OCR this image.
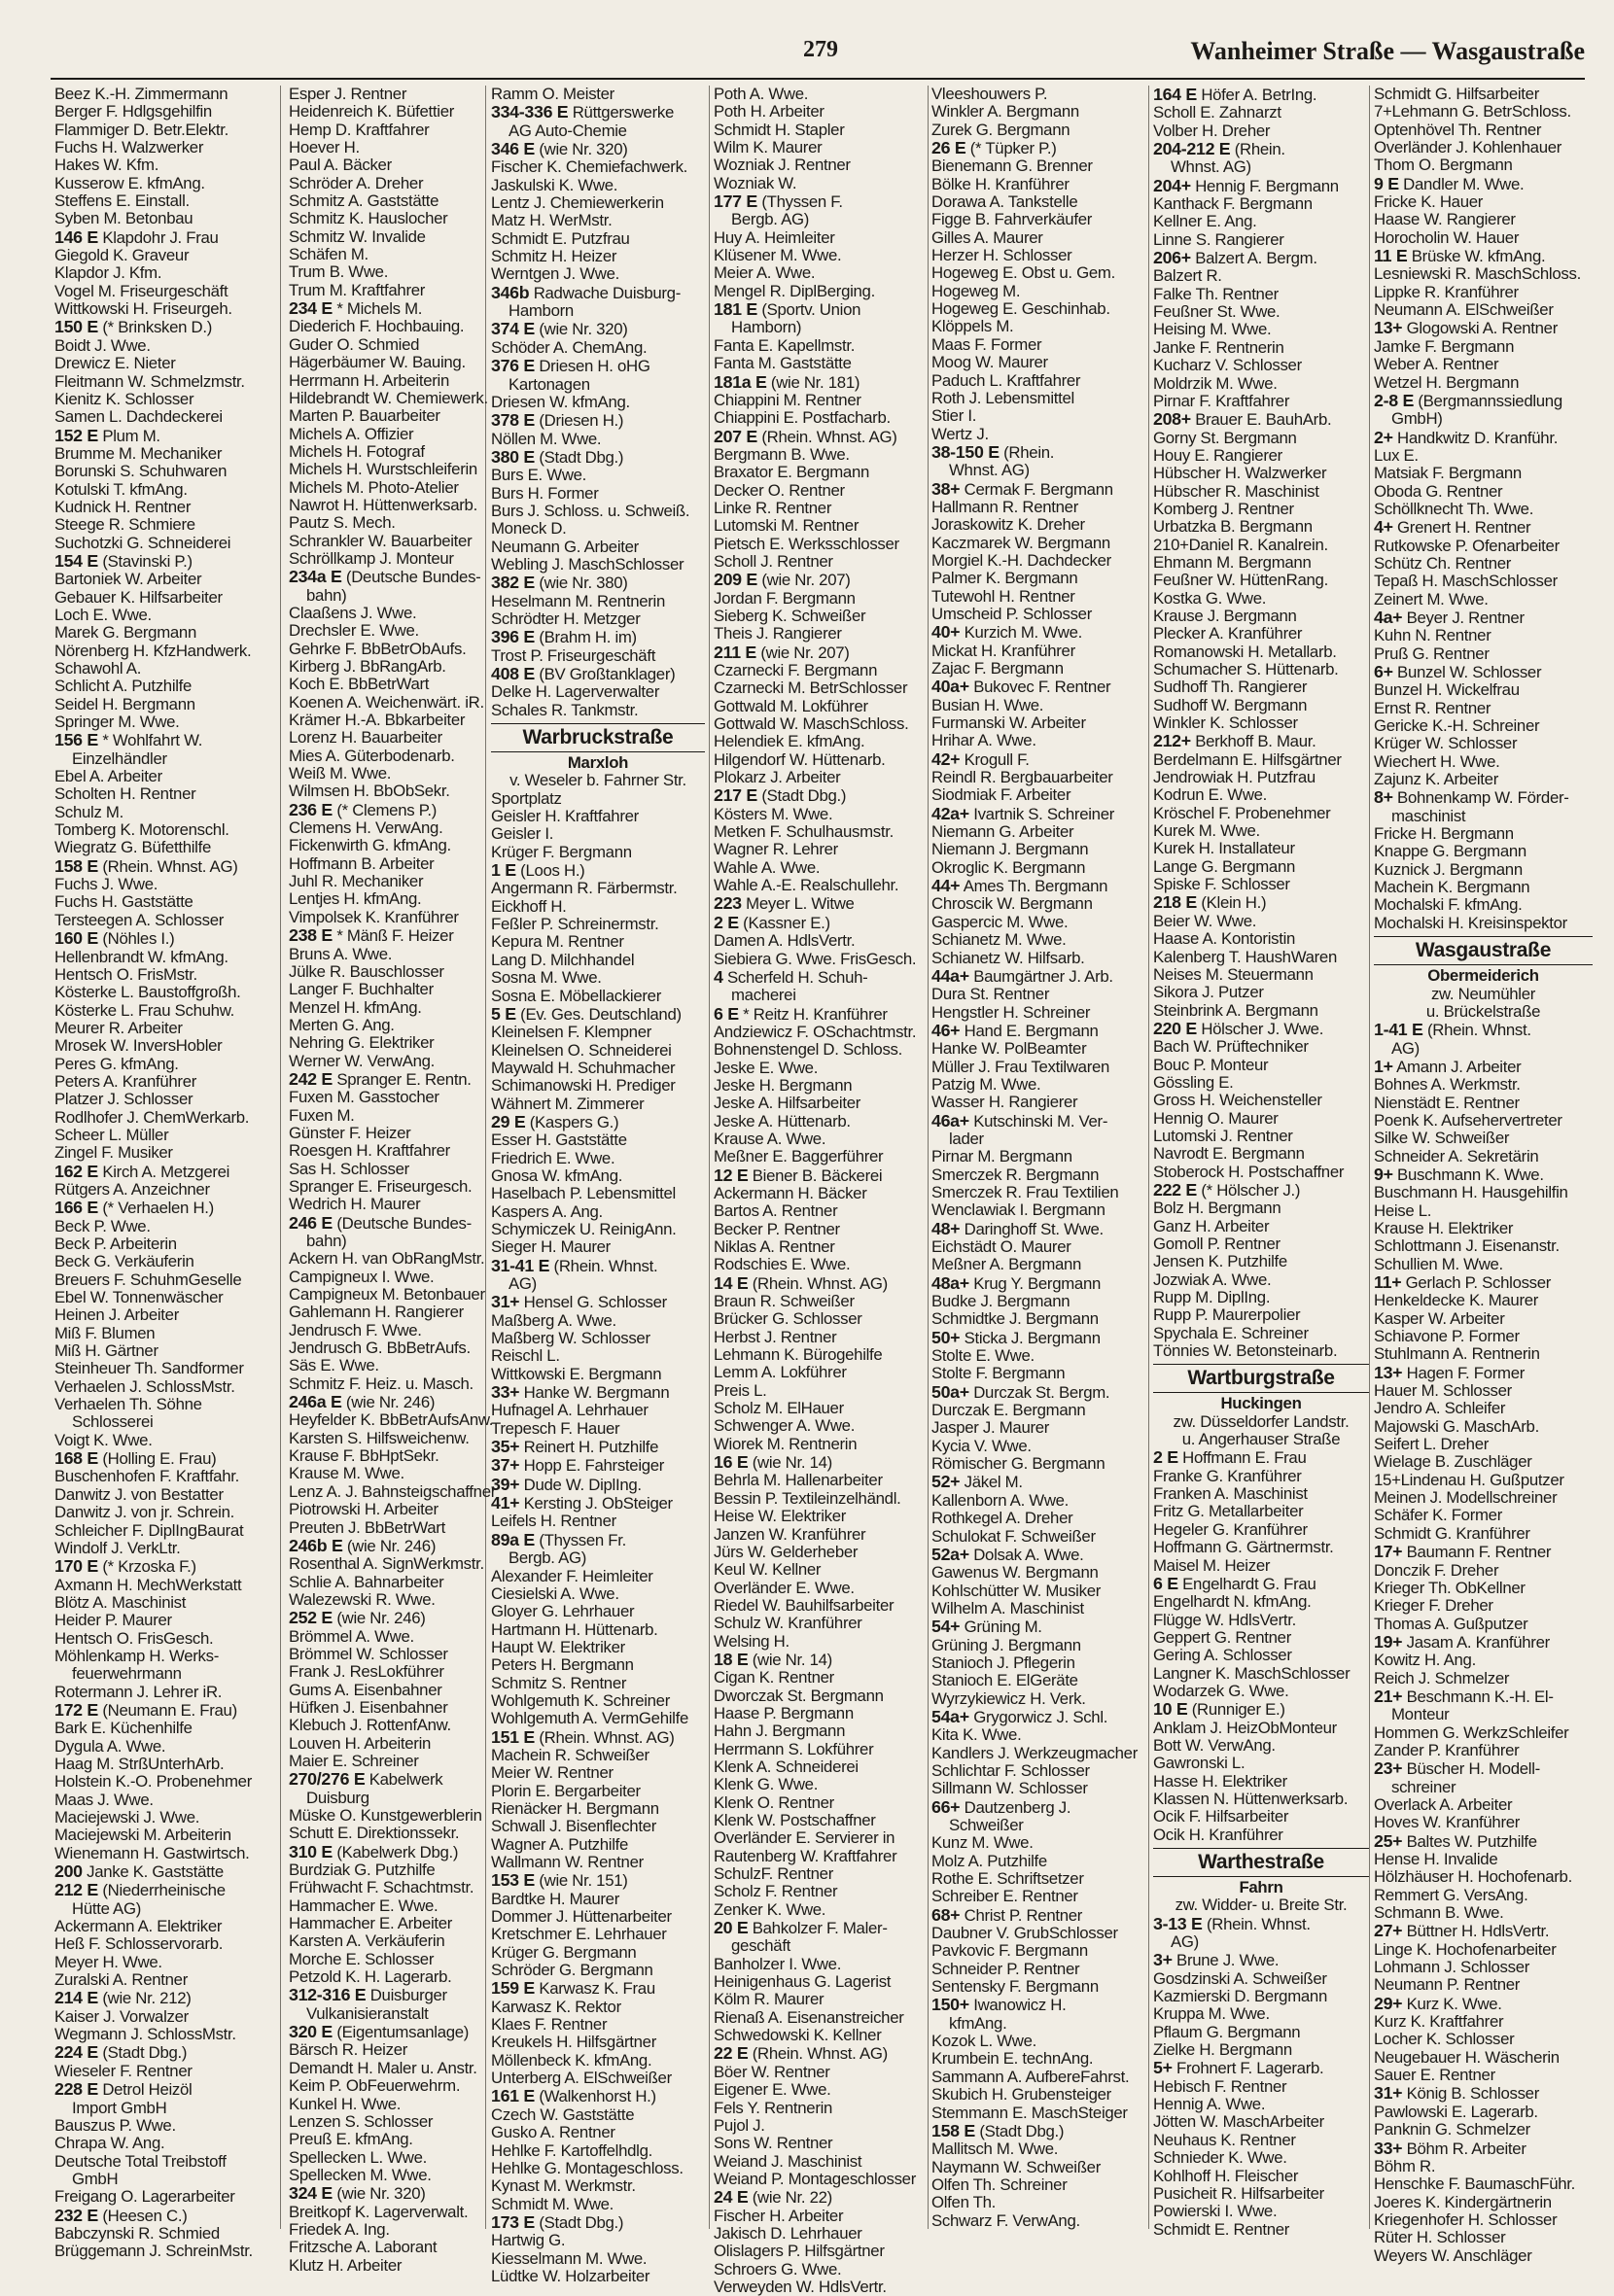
279	Wanheimer Straße — Wasgaustraße
Beez K.-H. Zimmermann
Berger F. Hdlgsgehilfin
Flammiger D. Betr.Elektr.
Fuchs H. Walzwerker
Hakes W. Kfm.
Kusserow E. kfmAng.
Steffens E. Einstall.
Syben M. Betonbau
146 E Klapdohr J. Frau
Giegold K. Graveur
Klapdor J. Kfm.
Vogel M. Friseurgeschäft
Wittkowski H. Friseurgeh.
150 E (* Brinksken D.)
Boidt J. Wwe.
Drewicz E. Nieter
Fleitmann W. Schmelzmstr.
Kienitz K. Schlosser
Samen L. Dachdeckerei
152 E Plum M.
Brumme M. Mechaniker
Borunski S. Schuhwaren
Kotulski T. kfmAng.
Kudnick H. Rentner
Steege R. Schmiere
Suchotzki G. Schneiderei
154 E (Stavinski P.)
Bartoniek W. Arbeiter
Gebauer K. Hilfsarbeiter
Loch E. Wwe.
Marek G. Bergmann
Nörenberg H. KfzHandwerk.
Schawohl A.
Schlicht A. Putzhilfe
Seidel H. Bergmann
Springer M. Wwe.
156 E * Wohlfahrt W.
Einzelhändler
Ebel A. Arbeiter
Scholten H. Rentner
Schulz M.
Tomberg K. Motorenschl.
Wiegratz G. Büfetthilfe
158 E (Rhein. Whnst. AG)
Fuchs J. Wwe.
Fuchs H. Gaststätte
Tersteegen A. Schlosser
160 E (Nöhles I.)
Hellenbrandt W. kfmAng.
Hentsch O. FrisMstr.
Kösterke L. Baustoffgroßh.
Kösterke L. Frau Schuhw.
Meurer R. Arbeiter
Mrosek W. InversHobler
Peres G. kfmAng.
Peters A. Kranführer
Platzer J. Schlosser
Rodlhofer J. ChemWerkarb.
Scheer L. Müller
Zingel F. Musiker
162 E Kirch A. Metzgerei
Rütgers A. Anzeichner
166 E (* Verhaelen H.)
Beck P. Wwe.
Beck P. Arbeiterin
Beck G. Verkäuferin
Breuers F. SchuhmGeselle
Ebel W. Tonnenwäscher
Heinen J. Arbeiter
Miß F. Blumen
Miß H. Gärtner
Steinheuer Th. Sandformer
Verhaelen J. SchlossMstr.
Verhaelen Th. Söhne
Schlosserei
Voigt K. Wwe.
168 E (Holling E. Frau)
Buschenhofen F. Kraftfahr.
Danwitz J. von Bestatter
Danwitz J. von jr. Schrein.
Schleicher F. DiplIngBaurat
Windolf J. VerkLtr.
170 E (* Krzoska F.)
Axmann H. MechWerkstatt
Blötz A. Maschinist
Heider P. Maurer
Hentsch O. FrisGesch.
Möhlenkamp H. Werks-
feuerwehrmann
Rotermann J. Lehrer iR.
172 E (Neumann E. Frau)
Bark E. Küchenhilfe
Dygula A. Wwe.
Haag M. StrßUnterhArb.
Holstein K.-O. Probenehmer
Maas J. Wwe.
Maciejewski J. Wwe.
Maciejewski M. Arbeiterin
Wienemann H. Gastwirtsch.
200 Janke K. Gaststätte
212 E (Niederrheinische
Hütte AG)
Ackermann A. Elektriker
Heß F. Schlosservorarb.
Meyer H. Wwe.
Zuralski A. Rentner
214 E (wie Nr. 212)
Kaiser J. Vorwalzer
Wegmann J. SchlossMstr.
224 E (Stadt Dbg.)
Wieseler F. Rentner
228 E Detrol Heizöl
Import GmbH
Bauszus P. Wwe.
Chrapa W. Ang.
Deutsche Total Treibstoff
GmbH
Freigang O. Lagerarbeiter
232 E (Heesen C.)
Babczynski R. Schmied
Brüggemann J. SchreinMstr.
Esper J. Rentner
Heidenreich K. Büfettier
Hemp D. Kraftfahrer
Hoever H.
Paul A. Bäcker
Schröder A. Dreher
Schmitz A. Gaststätte
Schmitz K. Hauslocher
Schmitz W. Invalide
Schäfen M.
Trum B. Wwe.
Trum M. Kraftfahrer
234 E * Michels M.
Diederich F. Hochbauing.
Guder O. Schmied
Hägerbäumer W. Bauing.
Herrmann H. Arbeiterin
Hildebrandt W. Chemiewerk.
Marten P. Bauarbeiter
Michels A. Offizier
Michels H. Fotograf
Michels H. Wurstschleiferin
Michels M. Photo-Atelier
Nawrot H. Hüttenwerksarb.
Pautz S. Mech.
Schrankler W. Bauarbeiter
Schröllkamp J. Monteur
234a E (Deutsche Bundes-
bahn)
Claaßens J. Wwe.
Drechsler E. Wwe.
Gehrke F. BbBetrObAufs.
Kirberg J. BbRangArb.
Koch E. BbBetrWart
Koenen A. Weichenwärt. iR.
Krämer H.-A. Bbkarbeiter
Lorenz H. Bauarbeiter
Mies A. Güterbodenarb.
Weiß M. Wwe.
Wilmsen H. BbObSekr.
236 E (* Clemens P.)
Clemens H. VerwAng.
Fickenwirth G. kfmAng.
Hoffmann B. Arbeiter
Juhl R. Mechaniker
Lentjes H. kfmAng.
Vimpolsek K. Kranführer
238 E * Mänß F. Heizer
Bruns A. Wwe.
Jülke R. Bauschlosser
Langer F. Buchhalter
Menzel H. kfmAng.
Merten G. Ang.
Nehring G. Elektriker
Werner W. VerwAng.
242 E Spranger E. Rentn.
Fuxen M. Gasstocher
Fuxen M.
Günster F. Heizer
Roesgen H. Kraftfahrer
Sas H. Schlosser
Spranger E. Friseurgesch.
Wedrich H. Maurer
246 E (Deutsche Bundes-
bahn)
Ackern H. van ObRangMstr.
Campigneux I. Wwe.
Campigneux M. Betonbauer
Gahlemann H. Rangierer
Jendrusch F. Wwe.
Jendrusch G. BbBetrAufs.
Säs E. Wwe.
Schmitz F. Heiz. u. Masch.
246a E (wie Nr. 246)
Heyfelder K. BbBetrAufsAnw.
Karsten S. Hilfsweichenw.
Krause F. BbHptSekr.
Krause M. Wwe.
Lenz A. J. Bahnsteigschaffner
Piotrowski H. Arbeiter
Preuten J. BbBetrWart
246b E (wie Nr. 246)
Rosenthal A. SignWerkmstr.
Schlie A. Bahnarbeiter
Walezewski R. Wwe.
252 E (wie Nr. 246)
Brömmel A. Wwe.
Brömmel W. Schlosser
Frank J. ResLokführer
Gums A. Eisenbahner
Hüfken J. Eisenbahner
Klebuch J. RottenfAnw.
Louven H. Arbeiterin
Maier E. Schreiner
270/276 E Kabelwerk
Duisburg
Müske O. Kunstgewerblerin
Schutt E. Direktionssekr.
310 E (Kabelwerk Dbg.)
Burdziak G. Putzhilfe
Frühwacht F. Schachtmstr.
Hammacher E. Wwe.
Hammacher E. Arbeiter
Karsten A. Verkäuferin
Morche E. Schlosser
Petzold K. H. Lagerarb.
312-316 E Duisburger
Vulkanisieranstalt
320 E (Eigentumsanlage)
Bärsch R. Heizer
Demandt H. Maler u. Anstr.
Keim P. ObFeuerwehrm.
Kunkel H. Wwe.
Lenzen S. Schlosser
Preuß E. kfmAng.
Spellecken L. Wwe.
Spellecken M. Wwe.
324 E (wie Nr. 320)
Breitkopf K. Lagerverwalt.
Friedek A. Ing.
Fritzsche A. Laborant
Klutz H. Arbeiter
Ramm O. Meister
334-336 E Rüttgerswerke
AG Auto-Chemie
346 E (wie Nr. 320)
Fischer K. Chemiefachwerk.
Jaskulski K. Wwe.
Lentz J. Chemiewerkerin
Matz H. WerMstr.
Schmidt E. Putzfrau
Schmitz H. Heizer
Werntgen J. Wwe.
346b Radwache Duisburg-
Hamborn
374 E (wie Nr. 320)
Schöder A. ChemAng.
376 E Driesen H. oHG
Kartonagen
Driesen W. kfmAng.
378 E (Driesen H.)
Nöllen M. Wwe.
380 E (Stadt Dbg.)
Burs E. Wwe.
Burs H. Former
Burs J. Schloss. u. Schweiß.
Moneck D.
Neumann G. Arbeiter
Webling J. MaschSchlosser
382 E (wie Nr. 380)
Heselmann M. Rentnerin
Schrödter H. Metzger
396 E (Brahm H. im)
Trost P. Friseurgeschäft
408 E (BV Großtanklager)
Delke H. Lagerverwalter
Schales R. Tankmstr.
Warbruckstraße
Marxloh
v. Weseler b. Fahrner Str.
Sportplatz
Geisler H. Kraftfahrer
Geisler I.
Krüger F. Bergmann
1 E (Loos H.)
Angermann R. Färbermstr.
Eickhoff H.
Feßler P. Schreinermstr.
Kepura M. Rentner
Lang D. Milchhandel
Sosna M. Wwe.
Sosna E. Möbellackierer
5 E (Ev. Ges. Deutschland)
Kleinelsen F. Klempner
Kleinelsen O. Schneiderei
Maywald H. Schuhmacher
Schimanowski H. Prediger
Wähnert M. Zimmerer
29 E (Kaspers G.)
Esser H. Gaststätte
Friedrich E. Wwe.
Gnosa W. kfmAng.
Haselbach P. Lebensmittel
Kaspers A. Ang.
Schymiczek U. ReinigAnn.
Sieger H. Maurer
31-41 E (Rhein. Whnst.
AG)
31+ Hensel G. Schlosser
Maßberg A. Wwe.
Maßberg W. Schlosser
Reischl L.
Wittkowski E. Bergmann
33+ Hanke W. Bergmann
Hufnagel A. Lehrhauer
Trepesch F. Hauer
35+ Reinert H. Putzhilfe
37+ Hopp E. Fahrsteiger
39+ Dude W. DiplIng.
41+ Kersting J. ObSteiger
Leifels H. Rentner
89a E (Thyssen Fr.
Bergb. AG)
Alexander F. Heimleiter
Ciesielski A. Wwe.
Gloyer G. Lehrhauer
Hartmann H. Hüttenarb.
Haupt W. Elektriker
Peters H. Bergmann
Schmitz S. Rentner
Wohlgemuth K. Schreiner
Wohlgemuth A. VermGehilfe
151 E (Rhein. Whnst. AG)
Machein R. Schweißer
Meier W. Rentner
Plorin E. Bergarbeiter
Rienäcker H. Bergmann
Schwall J. Bisenflechter
Wagner A. Putzhilfe
Wallmann W. Rentner
153 E (wie Nr. 151)
Bardtke H. Maurer
Dommer J. Hüttenarbeiter
Kretschmer E. Lehrhauer
Krüger G. Bergmann
Schröder G. Bergmann
159 E Karwasz K. Frau
Karwasz K. Rektor
Klaes F. Rentner
Kreukels H. Hilfsgärtner
Möllenbeck K. kfmAng.
Unterberg A. ElSchweißer
161 E (Walkenhorst H.)
Czech W. Gaststätte
Gusko A. Rentner
Hehlke F. Kartoffelhdlg.
Hehlke G. Montageschloss.
Kynast M. Werkmstr.
Schmidt M. Wwe.
173 E (Stadt Dbg.)
Hartwig G.
Kiesselmann M. Wwe.
Lüdtke W. Holzarbeiter
Poth A. Wwe.
Poth H. Arbeiter
Schmidt H. Stapler
Wilm K. Maurer
Wozniak J. Rentner
Wozniak W.
177 E (Thyssen F.
Bergb. AG)
Huy A. Heimleiter
Klüsener M. Wwe.
Meier A. Wwe.
Mengel R. DiplBerging.
181 E (Sportv. Union
Hamborn)
Fanta E. Kapellmstr.
Fanta M. Gaststätte
181a E (wie Nr. 181)
Chiappini M. Rentner
Chiappini E. Postfacharb.
207 E (Rhein. Whnst. AG)
Bergmann B. Wwe.
Braxator E. Bergmann
Decker O. Rentner
Linke R. Rentner
Lutomski M. Rentner
Pietsch E. Werksschlosser
Scholl J. Rentner
209 E (wie Nr. 207)
Jordan F. Bergmann
Sieberg K. Schweißer
Theis J. Rangierer
211 E (wie Nr. 207)
Czarnecki F. Bergmann
Czarnecki M. BetrSchlosser
Gottwald M. Lokführer
Gottwald W. MaschSchloss.
Helendiek E. kfmAng.
Hilgendorf W. Hüttenarb.
Plokarz J. Arbeiter
217 E (Stadt Dbg.)
Kösters M. Wwe.
Metken F. Schulhausmstr.
Wagner R. Lehrer
Wahle A. Wwe.
Wahle A.-E. Realschullehr.
223 Meyer L. Witwe
2 E (Kassner E.)
Damen A. HdlsVertr.
Siebiera G. Wwe. FrisGesch.
4 Scherfeld H. Schuh-
macherei
6 E * Reitz H. Kranführer
Andziewicz F. OSchachtmstr.
Bohnenstengel D. Schloss.
Jeske E. Wwe.
Jeske H. Bergmann
Jeske A. Hilfsarbeiter
Jeske A. Hüttenarb.
Krause A. Wwe.
Meßner E. Baggerführer
12 E Biener B. Bäckerei
Ackermann H. Bäcker
Bartos A. Rentner
Becker P. Rentner
Niklas A. Rentner
Rodschies E. Wwe.
14 E (Rhein. Whnst. AG)
Braun R. Schweißer
Brücker G. Schlosser
Herbst J. Rentner
Lehmann K. Bürogehilfe
Lemm A. Lokführer
Preis L.
Scholz M. ElHauer
Schwenger A. Wwe.
Wiorek M. Rentnerin
16 E (wie Nr. 14)
Behrla M. Hallenarbeiter
Bessin P. Textileinzelhändl.
Heise W. Elektriker
Janzen W. Kranführer
Jürs W. Gelderheber
Keul W. Kellner
Overländer E. Wwe.
Riedel W. Bauhilfsarbeiter
Schulz W. Kranführer
Welsing H.
18 E (wie Nr. 14)
Cigan K. Rentner
Dworczak St. Bergmann
Haase P. Bergmann
Hahn J. Bergmann
Herrmann S. Lokführer
Klenk A. Schneiderei
Klenk G. Wwe.
Klenk O. Rentner
Klenk W. Postschaffner
Overländer E. Servierer in
Rautenberg W. Kraftfahrer
SchulzF. Rentner
Scholz F. Rentner
Zenker K. Wwe.
20 E Bahkolzer F. Maler-
geschäft
Banholzer I. Wwe.
Heinigenhaus G. Lagerist
Kölm R. Maurer
Rienaß A. Eisenanstreicher
Schwedowski K. Kellner
22 E (Rhein. Whnst. AG)
Böer W. Rentner
Eigener E. Wwe.
Fels Y. Rentnerin
Pujol J.
Sons W. Rentner
Weiand J. Maschinist
Weiand P. Montageschlosser
24 E (wie Nr. 22)
Fischer H. Arbeiter
Jakisch D. Lehrhauer
Olislagers P. Hilfsgärtner
Schroers G. Wwe.
Verweyden W. HdlsVertr.
Vleeshouwers P.
Winkler A. Bergmann
Zurek G. Bergmann
26 E (* Tüpker P.)
Bienemann G. Brenner
Bölke H. Kranführer
Dorawa A. Tankstelle
Figge B. Fahrverkäufer
Gilles A. Maurer
Herzer H. Schlosser
Hogeweg E. Obst u. Gem.
Hogeweg M.
Hogeweg E. Geschinhab.
Klöppels M.
Maas F. Former
Moog W. Maurer
Paduch L. Kraftfahrer
Roth J. Lebensmittel
Stier I.
Wertz J.
38-150 E (Rhein.
Whnst. AG)
38+ Cermak F. Bergmann
Hallmann R. Rentner
Joraskowitz K. Dreher
Kaczmarek W. Bergmann
Morgiel K.-H. Dachdecker
Palmer K. Bergmann
Tutewohl H. Rentner
Umscheid P. Schlosser
40+ Kurzich M. Wwe.
Mickat H. Kranführer
Zajac F. Bergmann
40a+ Bukovec F. Rentner
Busian H. Wwe.
Furmanski W. Arbeiter
Hrihar A. Wwe.
42+ Krogull F.
Reindl R. Bergbauarbeiter
Siodmiak F. Arbeiter
42a+ Ivartnik S. Schreiner
Niemann G. Arbeiter
Niemann J. Bergmann
Okroglic K. Bergmann
44+ Ames Th. Bergmann
Chroscik W. Bergmann
Gaspercic M. Wwe.
Schianetz M. Wwe.
Schianetz W. Hilfsarb.
44a+ Baumgärtner J. Arb.
Dura St. Rentner
Hengstler H. Schreiner
46+ Hand E. Bergmann
Hanke W. PolBeamter
Müller J. Frau Textilwaren
Patzig M. Wwe.
Wasser H. Rangierer
46a+ Kutschinski M. Ver-
lader
Pirnar M. Bergmann
Smerczek R. Bergmann
Smerczek R. Frau Textilien
Wenclawiak I. Bergmann
48+ Daringhoff St. Wwe.
Eichstädt O. Maurer
Meßner A. Bergmann
48a+ Krug Y. Bergmann
Budke J. Bergmann
Schmidtke J. Bergmann
50+ Sticka J. Bergmann
Stolte E. Wwe.
Stolte F. Bergmann
50a+ Durczak St. Bergm.
Durczak E. Bergmann
Jasper J. Maurer
Kycia V. Wwe.
Römischer G. Bergmann
52+ Jäkel M.
Kallenborn A. Wwe.
Rothkegel A. Dreher
Schulokat F. Schweißer
52a+ Dolsak A. Wwe.
Gawenus W. Bergmann
Kohlschütter W. Musiker
Wilhelm A. Maschinist
54+ Grüning M.
Grüning J. Bergmann
Stanioch J. Pflegerin
Stanioch E. ElGeräte
Wyrzykiewicz H. Verk.
54a+ Grygorwicz J. Schl.
Kita K. Wwe.
Kandlers J. Werkzeugmacher
Schlichtar F. Schlosser
Sillmann W. Schlosser
66+ Dautzenberg J.
Schweißer
Kunz M. Wwe.
Molz A. Putzhilfe
Rothe E. Schriftsetzer
Schreiber E. Rentner
68+ Christ P. Rentner
Daubner V. GrubSchlosser
Pavkovic F. Bergmann
Schneider P. Rentner
Sentensky F. Bergmann
150+ Iwanowicz H.
kfmAng.
Kozok L. Wwe.
Krumbein E. technAng.
Sammann A. AufbereFahrst.
Skubich H. Grubensteiger
Stemmann E. MaschSteiger
158 E (Stadt Dbg.)
Mallitsch M. Wwe.
Naymann W. Schweißer
Olfen Th. Schreiner
Olfen Th.
Schwarz F. VerwAng.
164 E Höfer A. BetrIng.
Scholl E. Zahnarzt
Volber H. Dreher
204-212 E (Rhein.
Whnst. AG)
204+ Hennig F. Bergmann
Kanthack F. Bergmann
Kellner E. Ang.
Linne S. Rangierer
206+ Balzert A. Bergm.
Balzert R.
Falke Th. Rentner
Feußner St. Wwe.
Heising M. Wwe.
Janke F. Rentnerin
Kucharz V. Schlosser
Moldrzik M. Wwe.
Pirnar F. Kraftfahrer
208+ Brauer E. BauhArb.
Gorny St. Bergmann
Houy E. Rangierer
Hübscher H. Walzwerker
Hübscher R. Maschinist
Komberg J. Rentner
Urbatzka B. Bergmann
210+Daniel R. Kanalrein.
Ehmann M. Bergmann
Feußner W. HüttenRang.
Kostka G. Wwe.
Krause J. Bergmann
Plecker A. Kranführer
Romanowski H. Metallarb.
Schumacher S. Hüttenarb.
Sudhoff Th. Rangierer
Sudhoff W. Bergmann
Winkler K. Schlosser
212+ Berkhoff B. Maur.
Berdelmann E. Hilfsgärtner
Jendrowiak H. Putzfrau
Kodrun E. Wwe.
Kröschel F. Probenehmer
Kurek M. Wwe.
Kurek H. Installateur
Lange G. Bergmann
Spiske F. Schlosser
218 E (Klein H.)
Beier W. Wwe.
Haase A. Kontoristin
Kalenberg T. HaushWaren
Neises M. Steuermann
Sikora J. Putzer
Steinbrink A. Bergmann
220 E Hölscher J. Wwe.
Bach W. Prüftechniker
Bouc P. Monteur
Gössling E.
Gross H. Weichensteller
Hennig O. Maurer
Lutomski J. Rentner
Navrodt E. Bergmann
Stoberock H. Postschaffner
222 E (* Hölscher J.)
Bolz H. Bergmann
Ganz H. Arbeiter
Gomoll P. Rentner
Jensen K. Putzhilfe
Jozwiak A. Wwe.
Rupp M. DiplIng.
Rupp P. Maurerpolier
Spychala E. Schreiner
Tönnies W. Betonsteinarb.
Wartburgstraße
Huckingen
zw. Düsseldorfer Landstr.
u. Angerhauser Straße
2 E Hoffmann E. Frau
Franke G. Kranführer
Franken A. Maschinist
Fritz G. Metallarbeiter
Hegeler G. Kranführer
Hoffmann G. Gärtnermstr.
Maisel M. Heizer
6 E Engelhardt G. Frau
Engelhardt N. kfmAng.
Flügge W. HdlsVertr.
Geppert G. Rentner
Gering A. Schlosser
Langner K. MaschSchlosser
Wodarzek G. Wwe.
10 E (Runniger E.)
Anklam J. HeizObMonteur
Bott W. VerwAng.
Gawronski L.
Hasse H. Elektriker
Klassen N. Hüttenwerksarb.
Ocik F. Hilfsarbeiter
Ocik H. Kranführer
Warthestraße
Fahrn
zw. Widder- u. Breite Str.
3-13 E (Rhein. Whnst.
AG)
3+ Brune J. Wwe.
Gosdzinski A. Schweißer
Kazmierski D. Bergmann
Kruppa M. Wwe.
Pflaum G. Bergmann
Zielke H. Bergmann
5+ Frohnert F. Lagerarb.
Hebisch F. Rentner
Hennig A. Wwe.
Jötten W. MaschArbeiter
Neuhaus K. Rentner
Schnieder K. Wwe.
Kohlhoff H. Fleischer
Pusicheit R. Hilfsarbeiter
Powierski I. Wwe.
Schmidt E. Rentner
Schmidt G. Hilfsarbeiter
7+Lehmann G. BetrSchloss.
Optenhövel Th. Rentner
Overländer J. Kohlenhauer
Thom O. Bergmann
9 E Dandler M. Wwe.
Fricke K. Hauer
Haase W. Rangierer
Horocholin W. Hauer
11 E Brüske W. kfmAng.
Lesniewski R. MaschSchloss.
Lippke R. Kranführer
Neumann A. ElSchweißer
13+ Glogowski A. Rentner
Jamke F. Bergmann
Weber A. Rentner
Wetzel H. Bergmann
2-8 E (Bergmannssiedlung
GmbH)
2+ Handkwitz D. Kranführ.
Lux E.
Matsiak F. Bergmann
Oboda G. Rentner
Schöllknecht Th. Wwe.
4+ Grenert H. Rentner
Rutkowske P. Ofenarbeiter
Schütz Ch. Rentner
Tepaß H. MaschSchlosser
Zeinert M. Wwe.
4a+ Beyer J. Rentner
Kuhn N. Rentner
Pruß G. Rentner
6+ Bunzel W. Schlosser
Bunzel H. Wickelfrau
Ernst R. Rentner
Gericke K.-H. Schreiner
Krüger W. Schlosser
Wiechert H. Wwe.
Zajunz K. Arbeiter
8+ Bohnenkamp W. Förder-
maschinist
Fricke H. Bergmann
Knappe G. Bergmann
Kuznick J. Bergmann
Machein K. Bergmann
Mochalski F. kfmAng.
Mochalski H. Kreisinspektor
Wasgaustraße
Obermeiderich
zw. Neumühler
u. Brückelstraße
1-41 E (Rhein. Whnst.
AG)
1+ Amann J. Arbeiter
Bohnes A. Werkmstr.
Nienstädt E. Rentner
Poenk K. Aufsehervertreter
Silke W. Schweißer
Schneider A. Sekretärin
9+ Buschmann K. Wwe.
Buschmann H. Hausgehilfin
Heise L.
Krause H. Elektriker
Schlottmann J. Eisenanstr.
Schullien M. Wwe.
11+ Gerlach P. Schlosser
Henkeldecke K. Maurer
Kasper W. Arbeiter
Schiavone P. Former
Stuhlmann A. Rentnerin
13+ Hagen F. Former
Hauer M. Schlosser
Jendro A. Schleifer
Majowski G. MaschArb.
Seifert L. Dreher
Wielage B. Zuschläger
15+Lindenau H. Gußputzer
Meinen J. Modellschreiner
Schäfer K. Former
Schmidt G. Kranführer
17+ Baumann F. Rentner
Donczik F. Dreher
Krieger Th. ObKellner
Krieger F. Dreher
Thomas A. Gußputzer
19+ Jasam A. Kranführer
Kowitz H. Ang.
Reich J. Schmelzer
21+ Beschmann K.-H. El-
Monteur
Hommen G. WerkzSchleifer
Zander P. Kranführer
23+ Büscher H. Modell-
schreiner
Overlack A. Arbeiter
Hoves W. Kranführer
25+ Baltes W. Putzhilfe
Hense H. Invalide
Hölzhäuser H. Hochofenarb.
Remmert G. VersAng.
Schmann B. Wwe.
27+ Büttner H. HdlsVertr.
Linge K. Hochofenarbeiter
Lohmann J. Schlosser
Neumann P. Rentner
29+ Kurz K. Wwe.
Kurz K. Kraftfahrer
Locher K. Schlosser
Neugebauer H. Wäscherin
Sauer E. Rentner
31+ König B. Schlosser
Pawlowski E. Lagerarb.
Panknin G. Schmelzer
33+ Böhm R. Arbeiter
Böhm R.
Henschke F. BaumaschFühr.
Joeres K. Kindergärtnerin
Kriegenhofer H. Schlosser
Rüter H. Schlosser
Weyers W. Anschläger
